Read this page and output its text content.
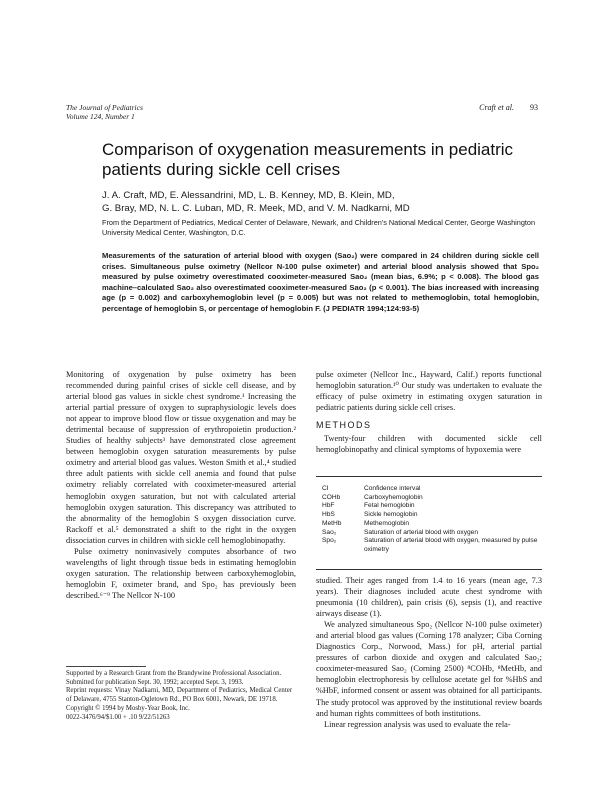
The Journal of Pediatrics
Volume 124, Number 1
Craft et al. 93
Comparison of oxygenation measurements in pediatric patients during sickle cell crises
J. A. Craft, MD, E. Alessandrini, MD, L. B. Kenney, MD, B. Klein, MD,
G. Bray, MD, N. L. C. Luban, MD, R. Meek, MD, and V. M. Nadkarni, MD
From the Department of Pediatrics, Medical Center of Delaware, Newark, and Children's National Medical Center, George Washington University Medical Center, Washington, D.C.
Measurements of the saturation of arterial blood with oxygen (Sao₂) were compared in 24 children during sickle cell crises. Simultaneous pulse oximetry (Nellcor N-100 pulse oximeter) and arterial blood analysis showed that Spo₂ measured by pulse oximetry overestimated cooximeter-measured Sao₂ (mean bias, 6.9%; p < 0.008). The blood gas machine–calculated Sao₂ also overestimated cooximeter-measured Sao₂ (p < 0.001). The bias increased with increasing age (p = 0.002) and carboxyhemoglobin level (p = 0.005) but was not related to methemoglobin, total hemoglobin, percentage of hemoglobin S, or percentage of hemoglobin F. (J PEDIATR 1994;124:93-5)

Monitoring of oxygenation by pulse oximetry has been recommended during painful crises of sickle cell disease, and by arterial blood gas values in sickle chest syndrome.¹ Increasing the arterial partial pressure of oxygen to supraphysiologic levels does not appear to improve blood flow or tissue oxygenation and may be detrimental because of suppression of erythropoietin production.² Studies of healthy subjects³ have demonstrated close agreement between hemoglobin oxygen saturation measurements by pulse oximetry and arterial blood gas values. Weston Smith et al.,⁴ studied three adult patients with sickle cell anemia and found that pulse oximetry reliably correlated with cooximeter-measured arterial hemoglobin oxygen saturation, but not with calculated arterial hemoglobin oxygen saturation. This discrepancy was attributed to the abnormality of the hemoglobin S oxygen dissociation curve. Rackoff et al.⁵ demonstrated a shift to the right in the oxygen dissociation curves in children with sickle cell hemoglobinopathy.

Pulse oximetry noninvasively computes absorbance of two wavelengths of light through tissue beds in estimating hemoglobin oxygen saturation. The relationship between carboxyhemoglobin, hemoglobin F, oximeter brand, and Spo₂ has previously been described.⁶⁻⁹ The Nellcor N-100

pulse oximeter (Nellcor Inc., Hayward, Calif.) reports functional hemoglobin saturation.¹⁰ Our study was undertaken to evaluate the efficacy of pulse oximetry in estimating oxygen saturation in pediatric patients during sickle cell crises.

METHODS

Twenty-four children with documented sickle cell hemoglobinopathy and clinical symptoms of hypoxemia were

CI	Confidence interval
COHb	Carboxyhemoglobin
HbF	Fetal hemoglobin
HbS	Sickle hemoglobin
MetHb	Methemoglobin
Sao₂	Saturation of arterial blood with oxygen
Spo₂	Saturation of arterial blood with oxygen, measured by pulse oximetry

studied. Their ages ranged from 1.4 to 16 years (mean age, 7.3 years). Their diagnoses included acute chest syndrome with pneumonia (10 children), pain crisis (6), sepsis (1), and reactive airways disease (1).

We analyzed simultaneous Spo₂ (Nellcor N-100 pulse oximeter) and arterial blood gas values (Corning 178 analyzer; Ciba Corning Diagnostics Corp., Norwood, Mass.) for pH, arterial partial pressures of carbon dioxide and oxygen and calculated Sao₂; cooximeter-measured Sao₂ (Corning 2500) ⁸COHb, ⁸MetHb, and hemoglobin electrophoresis by cellulose acetate gel for %HbS and %HbF, informed consent or assent was obtained for all participants. The study protocol was approved by the institutional review boards and human rights committees of both institutions.

Linear regression analysis was used to evaluate the rela-

Supported by a Research Grant from the Brandywine Professional Association.

Submitted for publication Sept. 30, 1992; accepted Sept. 3, 1993.

Reprint requests: Vinay Nadkarni, MD, Department of Pediatrics, Medical Center of Delaware, 4755 Stanton-Ogletown Rd., PO Box 6001, Newark, DE 19718.

Copyright © 1994 by Mosby-Year Book, Inc.

0022-3476/94/$1.00 + .10 9/22/51263
